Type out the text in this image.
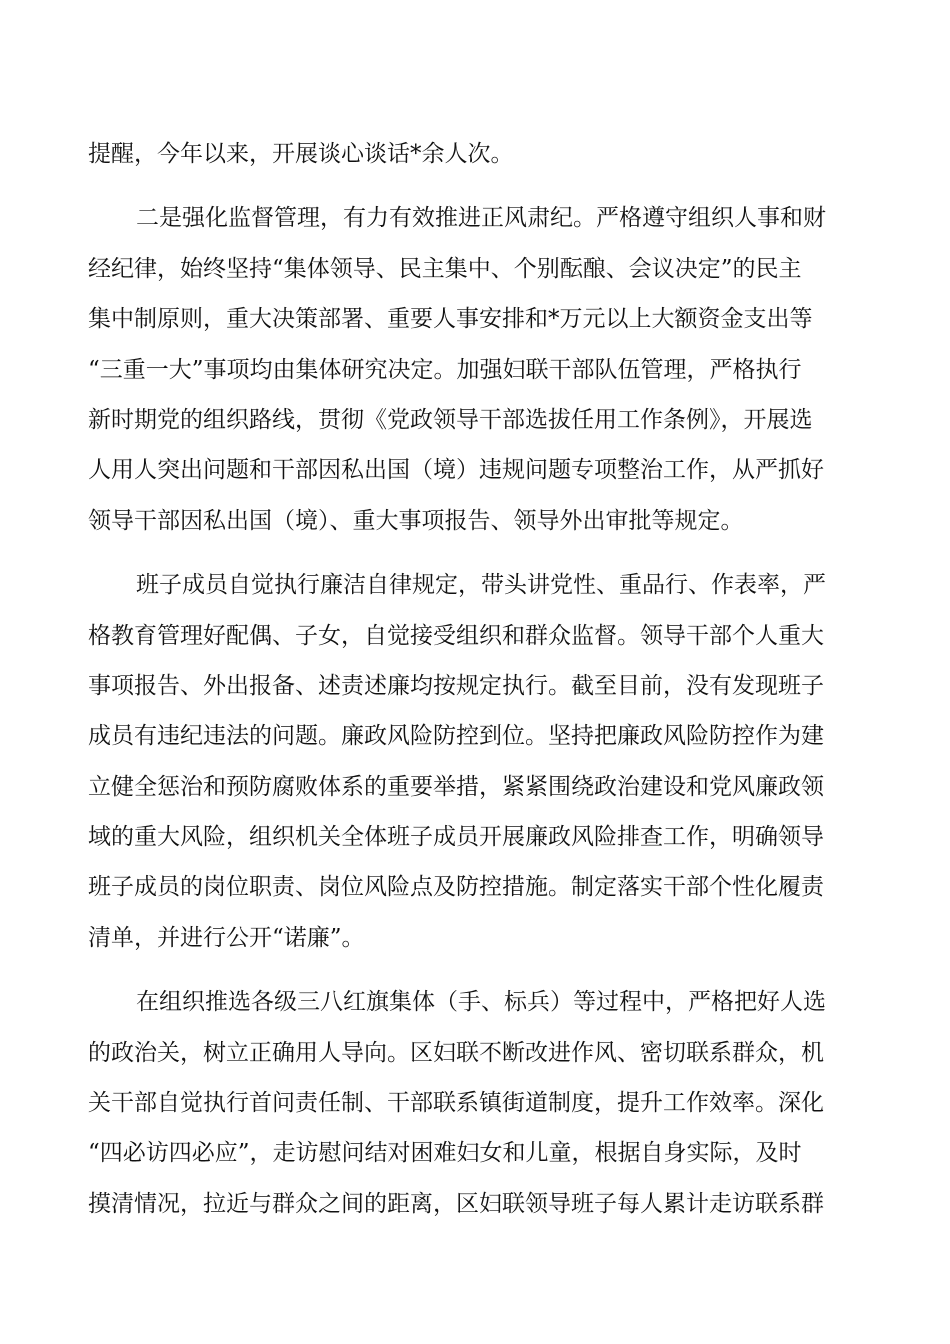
提醒，今年以来，开展谈心谈话*余人次。
二是强化监督管理，有力有效推进正风肃纪。严格遵守组织人事和财
经纪律，始终坚持“集体领导、民主集中、个别酝酿、会议决定”的民主
集中制原则，重大决策部署、重要人事安排和*万元以上大额资金支出等
“三重一大”事项均由集体研究决定。加强妇联干部队伍管理，严格执行
新时期党的组织路线，贯彻《党政领导干部选拔任用工作条例》，开展选
人用人突出问题和干部因私出国（境）违规问题专项整治工作，从严抓好
领导干部因私出国（境）、重大事项报告、领导外出审批等规定。
班子成员自觉执行廉洁自律规定，带头讲党性、重品行、作表率，严
格教育管理好配偶、子女，自觉接受组织和群众监督。领导干部个人重大
事项报告、外出报备、述责述廉均按规定执行。截至目前，没有发现班子
成员有违纪违法的问题。廉政风险防控到位。坚持把廉政风险防控作为建
立健全惩治和预防腐败体系的重要举措，紧紧围绕政治建设和党风廉政领
域的重大风险，组织机关全体班子成员开展廉政风险排查工作，明确领导
班子成员的岗位职责、岗位风险点及防控措施。制定落实干部个性化履责
清单，并进行公开“诺廉”。
在组织推选各级三八红旗集体（手、标兵）等过程中，严格把好人选
的政治关，树立正确用人导向。区妇联不断改进作风、密切联系群众，机
关干部自觉执行首问责任制、干部联系镇街道制度，提升工作效率。深化
“四必访四必应”，走访慰问结对困难妇女和儿童，根据自身实际，及时
摸清情况，拉近与群众之间的距离，区妇联领导班子每人累计走访联系群
